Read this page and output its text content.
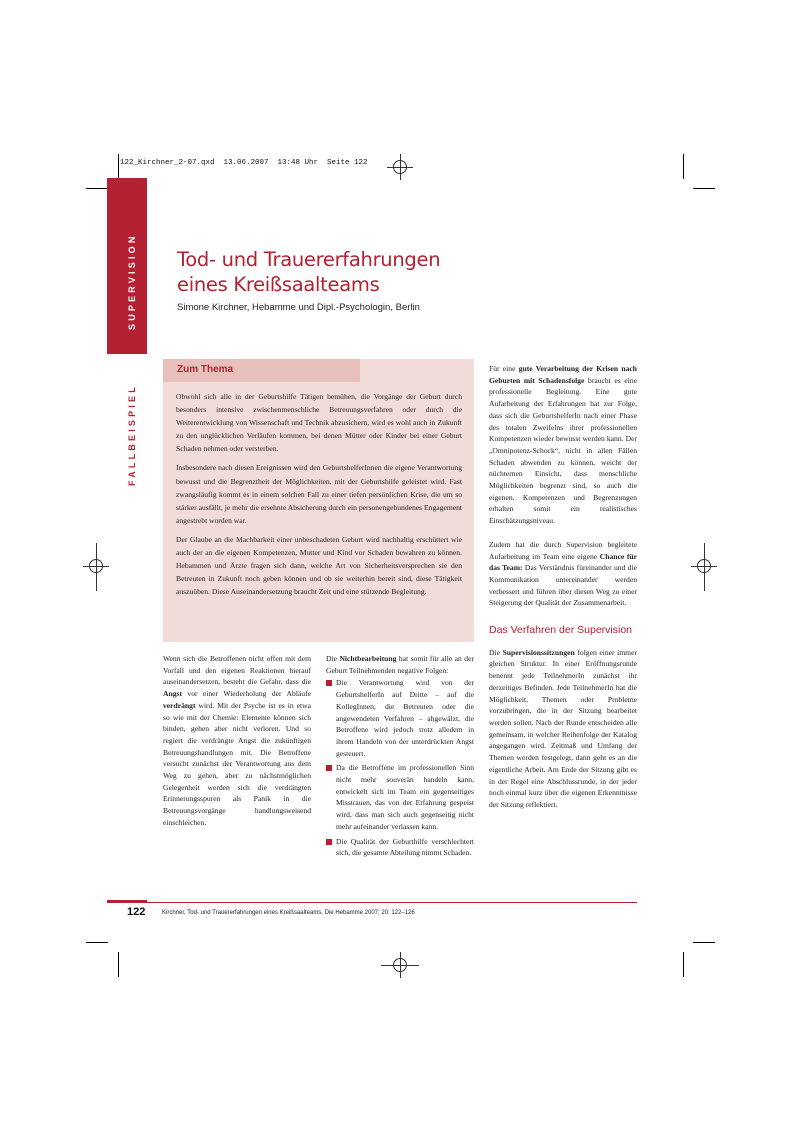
122_Kirchner_2-07.qxd  13.06.2007  13:48 Uhr  Seite 122
SUPERVISION
FALLBEISPIEL
Tod- und Trauererfahrungen
eines Kreißsaalteams
Simone Kirchner, Hebamme und Dipl.-Psychologin, Berlin
Zum Thema

Obwohl sich alle in der Geburtshilfe Tätigen bemühen, die Vorgänge der Geburt durch besonders intensive zwischenmenschliche Betreuungsverfahren oder durch die Weiterentwicklung von Wissenschaft und Technik abzusichern, wird es wohl auch in Zukunft zu den unglücklichen Verläufen kommen, bei denen Mütter oder Kinder bei einer Geburt Schaden nehmen oder versterben.

Insbesondere nach diesen Ereignissen wird den GeburtshelferInnen die eigene Verantwortung bewusst und die Begrenztheit der Möglichkeiten, mit der Geburtshilfe geleistet wird. Fast zwangsläufig kommt es in einem solchen Fall zu einer tiefen persönlichen Krise, die um so stärker ausfällt, je mehr die ersehnte Absicherung durch ein personengebundenes Engagement angestrebt worden war.

Der Glaube an die Machbarkeit einer unbeschadeten Geburt wird nachhaltig erschüttert wie auch der an die eigenen Kompetenzen, Mutter und Kind vor Schaden bewahren zu können. Hebammen und Ärzte fragen sich dann, welche Art von Sicherheitsversprechen sie den Betreuten in Zukunft noch geben können und ob sie weiterhin bereit sind, diese Tätigkeit auszuüben. Diese Auseinandersetzung braucht Zeit und eine stützende Begleitung.

Wenn sich die Betroffenen nicht offen mit dem Vorfall und den eigenen Reaktionen hierauf auseinandersetzen, besteht die Gefahr, dass die Angst vor einer Wiederholung der Abläufe verdrängt wird. Mit der Psyche ist es in etwa so wie mit der Chemie: Elemente können sich binden, gehen aber nicht verloren. Und so regiert die verdrängte Angst die zukünftigen Betreuungshandlungen mit. Die Betroffene versucht zunächst der Verantwortung aus dem Weg zu gehen, aber zu nächstmöglichen Gelegenheit werden sich die verdrängten Erinnerungsspuren als Panik in die Betreuungsvorgänge handlungsweisend einschleichen.

Die Nichtbearbeitung hat somit für alle an der Geburt Teilnehmenden negative Folgen:

Die Verantwortung wird von der GeburtshelferIn auf Dritte – auf die KollegInnen, die Betreuten oder die angewendeten Verfahren – abgewälzt, die Betroffene wird jedoch trotz alledem in ihrem Handeln von der unterdrückten Angst gesteuert.
Da die Betroffene im professionellen Sinn nicht mehr souverän handeln kann, entwickelt sich im Team ein gegenseitiges Misstrauen, das von der Erfahrung gespeist wird, dass man sich auch gegenseitig nicht mehr aufeinander verlassen kann.
Die Qualität der Geburthilfe verschlechtert sich, die gesamte Abteilung nimmt Schaden.

Für eine gute Verarbeitung der Krisen nach Geburten mit Schadensfolge braucht es eine professionelle Begleitung. Eine gute Aufarbeitung der Erfahrungen hat zur Folge, dass sich die GeburtshelferIn nach einer Phase des totalen Zweifelns ihrer professionellen Kompetenzen wieder bewusst werden kann. Der „Omnipotenz-Schock“, nicht in allen Fällen Schaden abwenden zu können, weicht der nüchternen Einsicht, dass menschliche Möglichkeiten begrenzt sind, so auch die eigenen. Kompetenzen und Begrenzungen erhalten somit ein realistisches Einschätzungsniveau.

Zudem hat die durch Supervision begleitete Aufarbeitung im Team eine eigene Chance für das Team: Das Verständnis füreinander und die Kommunikation untereinander werden verbessert und führen über diesen Weg zu einer Steigerung der Qualität der Zusammenarbeit.

Das Verfahren der Supervision

Die Supervisionssitzungen folgen einer immer gleichen Struktur. In einer Eröffnungsrunde benennt jede TeilnehmerIn zunächst ihr derzeitiges Befinden. Jede TeilnehmerIn hat die Möglichkeit, Themen oder Probleme vorzubringen, die in der Sitzung bearbeitet werden sollen. Nach der Runde entscheiden alle gemeinsam, in welcher Reihenfolge der Katalog angegangen wird. Zeitmaß und Umfang der Themen werden festgelegt, dann geht es an die eigentliche Arbeit. Am Ende der Sitzung gibt es in der Regel eine Abschlussrunde, in der jeder noch einmal kurz über die eigenen Erkenntnisse der Sitzung reflektiert.

122	Kirchner, Tod- und Trauererfahrungen eines Kreißsaalteams, Die Hebamme 2007; 20: 122–126
